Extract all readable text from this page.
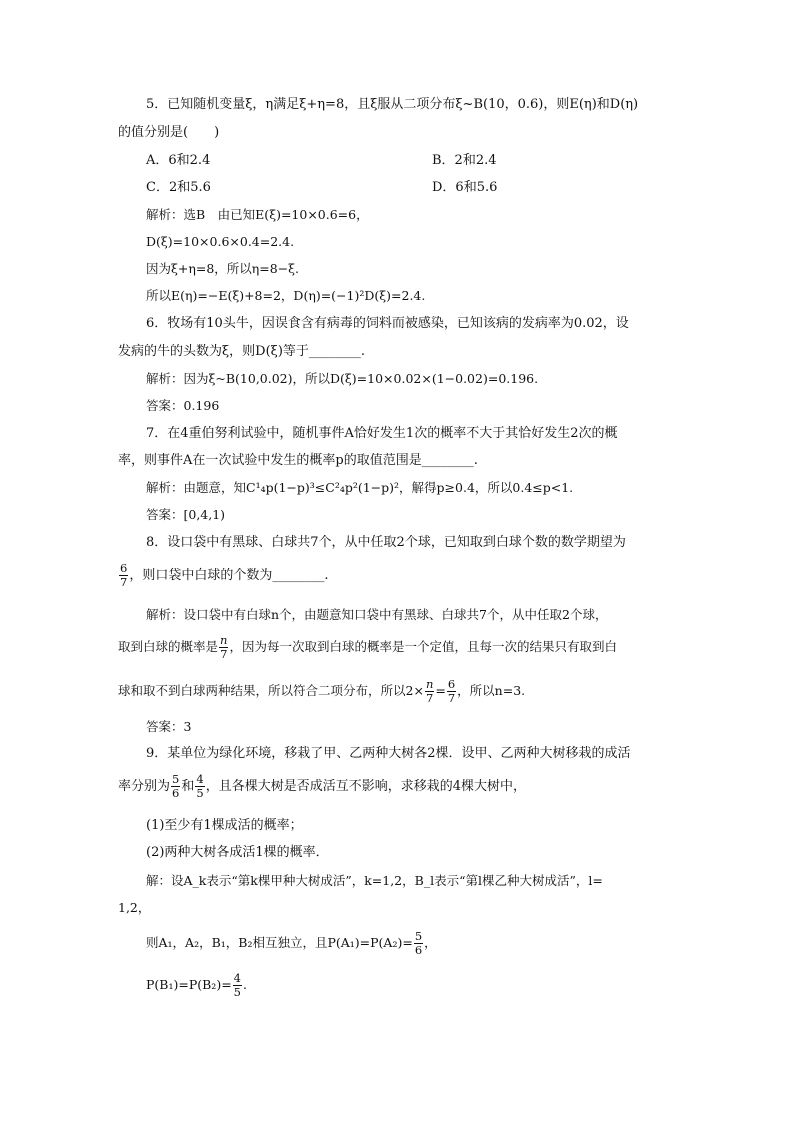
5．已知随机变量ξ，η满足ξ+η=8，且ξ服从二项分布ξ~B(10，0.6)，则E(η)和D(η)
的值分别是(　　)
A．6和2.4	B．2和2.4
C．2和5.6	D．6和5.6
解析：选B　由已知E(ξ)=10×0.6=6，
D(ξ)=10×0.6×0.4=2.4.
因为ξ+η=8，所以η=8−ξ.
所以E(η)=−E(ξ)+8=2，D(η)=(−1)²D(ξ)=2.4.
6．牧场有10头牛，因误食含有病毒的饲料而被感染，已知该病的发病率为0.02，设
发病的牛的头数为ξ，则D(ξ)等于________.
解析：因为ξ~B(10,0.02)，所以D(ξ)=10×0.02×(1−0.02)=0.196.
答案：0.196
7．在4重伯努利试验中，随机事件A恰好发生1次的概率不大于其恰好发生2次的概
率，则事件A在一次试验中发生的概率p的取值范围是________.
解析：由题意，知C¹₄p(1−p)³≤C²₄p²(1−p)²，解得p≥0.4，所以0.4≤p<1.
答案：[0,4,1)
8．设口袋中有黑球、白球共7个，从中任取2个球，已知取到白球个数的数学期望为
$\frac{6}{7}$ ，则口袋中白球的个数为________.
解析：设口袋中有白球n个，由题意知口袋中有黑球、白球共7个，从中任取2个球，
取到白球的概率是 $\frac{n}{7}$ ，因为每一次取到白球的概率是一个定值，且每一次的结果只有取到白
球和取不到白球两种结果，所以符合二项分布，所以$2\times \frac{n}{7} = \frac{6}{7}$ ，所以n=3.
答案：3
9．某单位为绿化环境，移栽了甲、乙两种大树各2棵．设甲、乙两种大树移栽的成活
率分别为 $\frac{5}{6}$ 和 $\frac{4}{5}$ ，且各棵大树是否成活互不影响，求移栽的4棵大树中，
(1)至少有1棵成活的概率；
(2)两种大树各成活1棵的概率．
解：设A_k表示“第k棵甲种大树成活”，k=1,2，B_l表示“第l棵乙种大树成活”，l=
1,2，
则A₁，A₂，B₁，B₂相互独立，且$P(A_1)=P(A_2)= \frac{5}{6}$ ，
$P(B_1)=P(B_2)= \frac{4}{5}$ .
